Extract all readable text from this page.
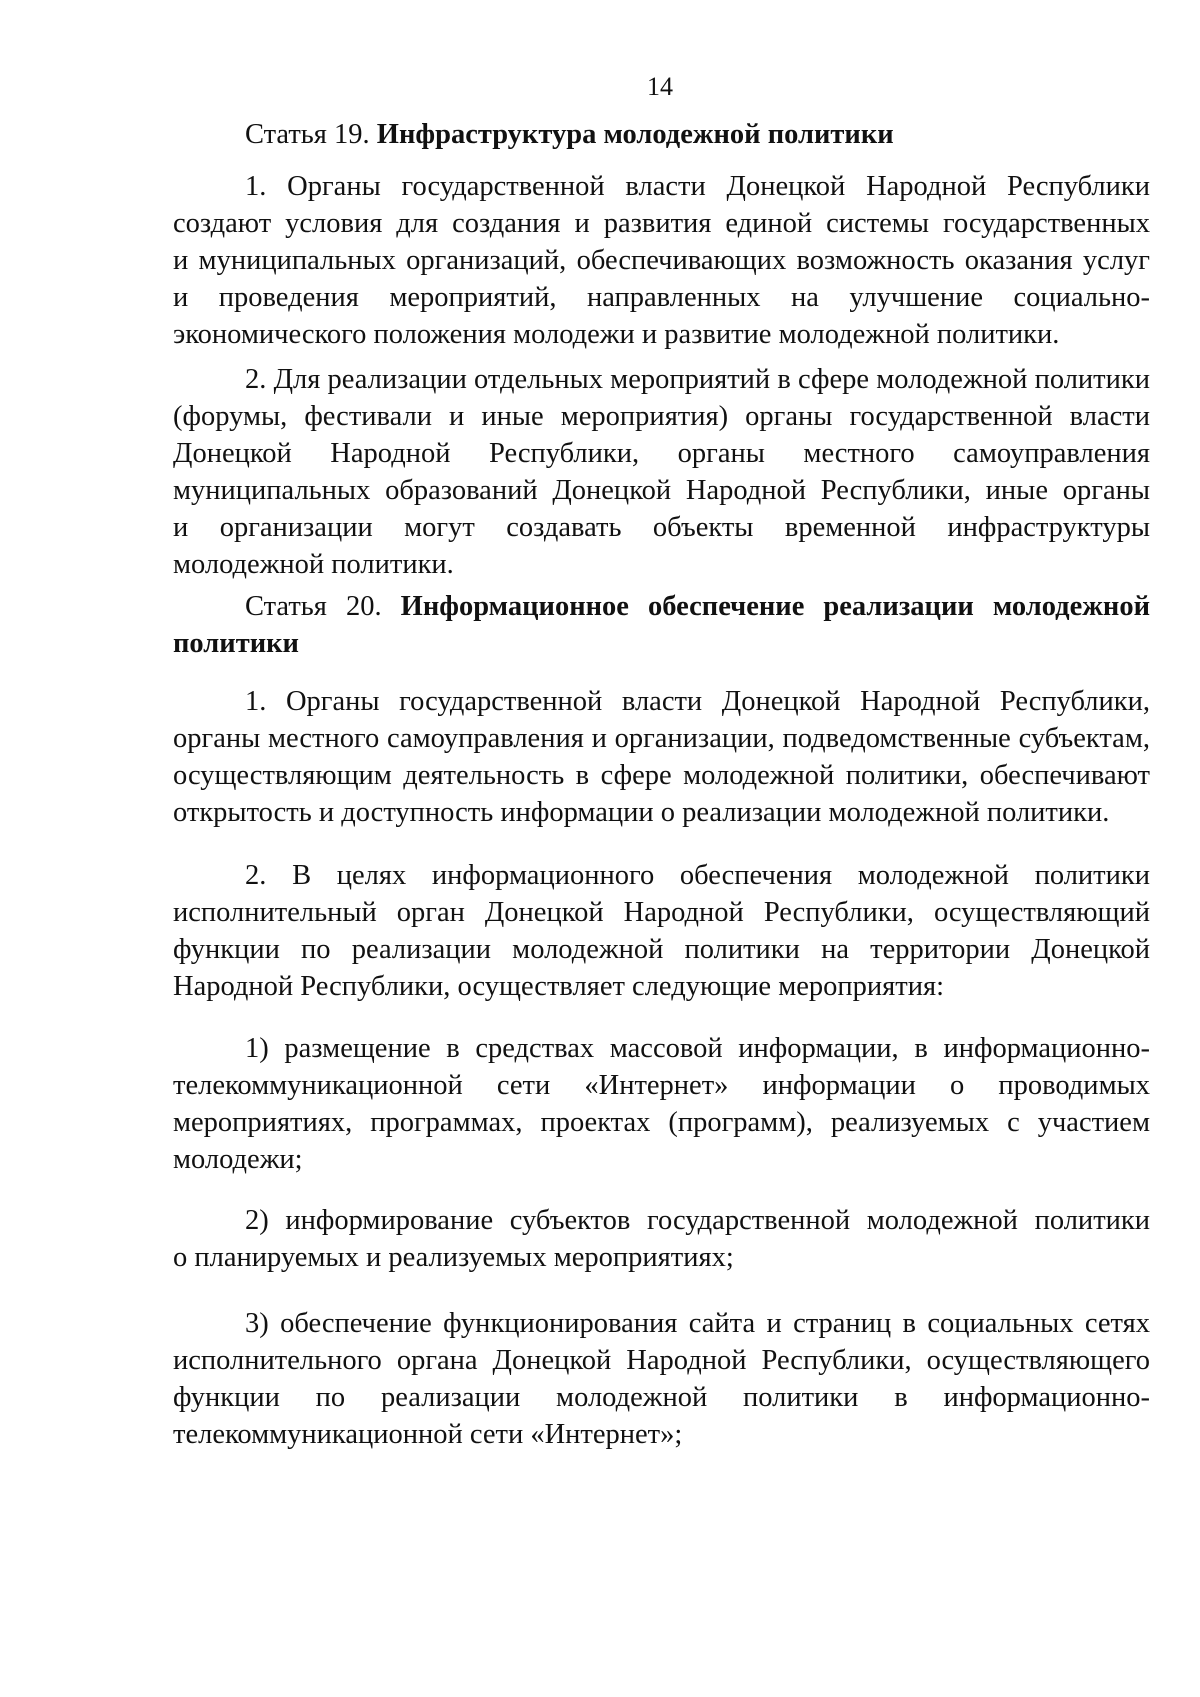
14
Статья 19. Инфраструктура молодежной политики
1. Органы государственной власти Донецкой Народной Республики
создают условия для создания и развития единой системы государственных
и муниципальных организаций, обеспечивающих возможность оказания услуг
и проведения мероприятий, направленных на улучшение социально-
экономического положения молодежи и развитие молодежной политики.
2. Для реализации отдельных мероприятий в сфере молодежной политики
(форумы, фестивали и иные мероприятия) органы государственной власти
Донецкой Народной Республики, органы местного самоуправления
муниципальных образований Донецкой Народной Республики, иные органы
и организации могут создавать объекты временной инфраструктуры
молодежной политики.
Статья 20. Информационное обеспечение реализации молодежной
политики
1. Органы государственной власти Донецкой Народной Республики,
органы местного самоуправления и организации, подведомственные субъектам,
осуществляющим деятельность в сфере молодежной политики, обеспечивают
открытость и доступность информации о реализации молодежной политики.
2. В целях информационного обеспечения молодежной политики
исполнительный орган Донецкой Народной Республики, осуществляющий
функции по реализации молодежной политики на территории Донецкой
Народной Республики, осуществляет следующие мероприятия:
1) размещение в средствах массовой информации, в информационно-
телекоммуникационной сети «Интернет» информации о проводимых
мероприятиях, программах, проектах (программ), реализуемых с участием
молодежи;
2) информирование субъектов государственной молодежной политики
о планируемых и реализуемых мероприятиях;
3) обеспечение функционирования сайта и страниц в социальных сетях
исполнительного органа Донецкой Народной Республики, осуществляющего
функции по реализации молодежной политики в информационно-
телекоммуникационной сети «Интернет»;
